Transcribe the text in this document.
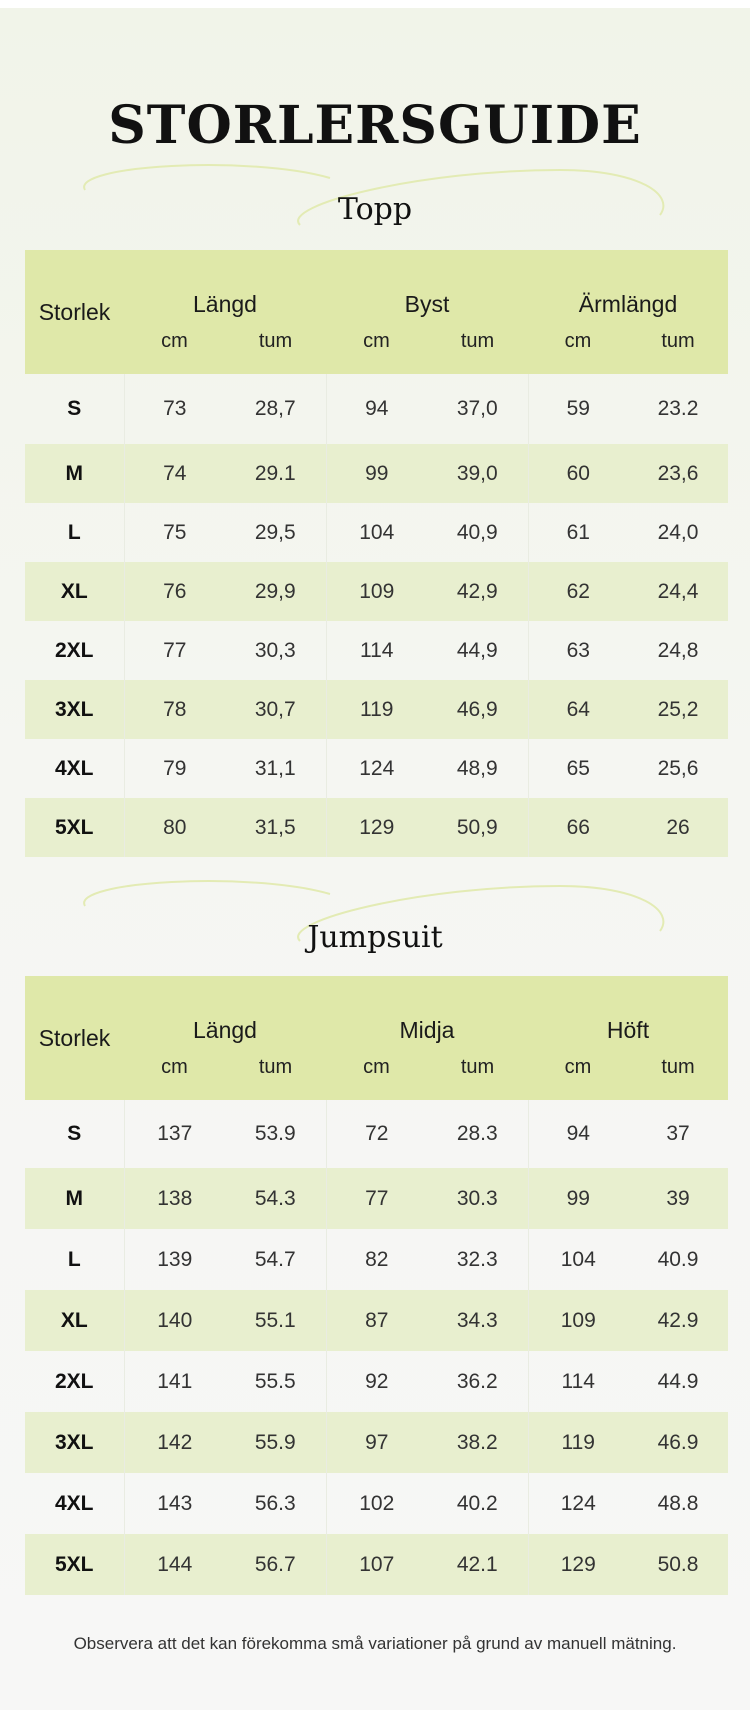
STORLERSGUIDE
Topp
Storlek	Längd		Byst		Ärmlängd	
	cm	tum	cm	tum	cm	tum
S	73	28,7	94	37,0	59	23.2
M	74	29.1	99	39,0	60	23,6
L	75	29,5	104	40,9	61	24,0
XL	76	29,9	109	42,9	62	24,4
2XL	77	30,3	114	44,9	63	24,8
3XL	78	30,7	119	46,9	64	25,2
4XL	79	31,1	124	48,9	65	25,6
5XL	80	31,5	129	50,9	66	26
Jumpsuit
Storlek	Längd		Midja		Höft	
	cm	tum	cm	tum	cm	tum
S	137	53.9	72	28.3	94	37
M	138	54.3	77	30.3	99	39
L	139	54.7	82	32.3	104	40.9
XL	140	55.1	87	34.3	109	42.9
2XL	141	55.5	92	36.2	114	44.9
3XL	142	55.9	97	38.2	119	46.9
4XL	143	56.3	102	40.2	124	48.8
5XL	144	56.7	107	42.1	129	50.8
Observera att det kan förekomma små variationer på grund av manuell mätning.
